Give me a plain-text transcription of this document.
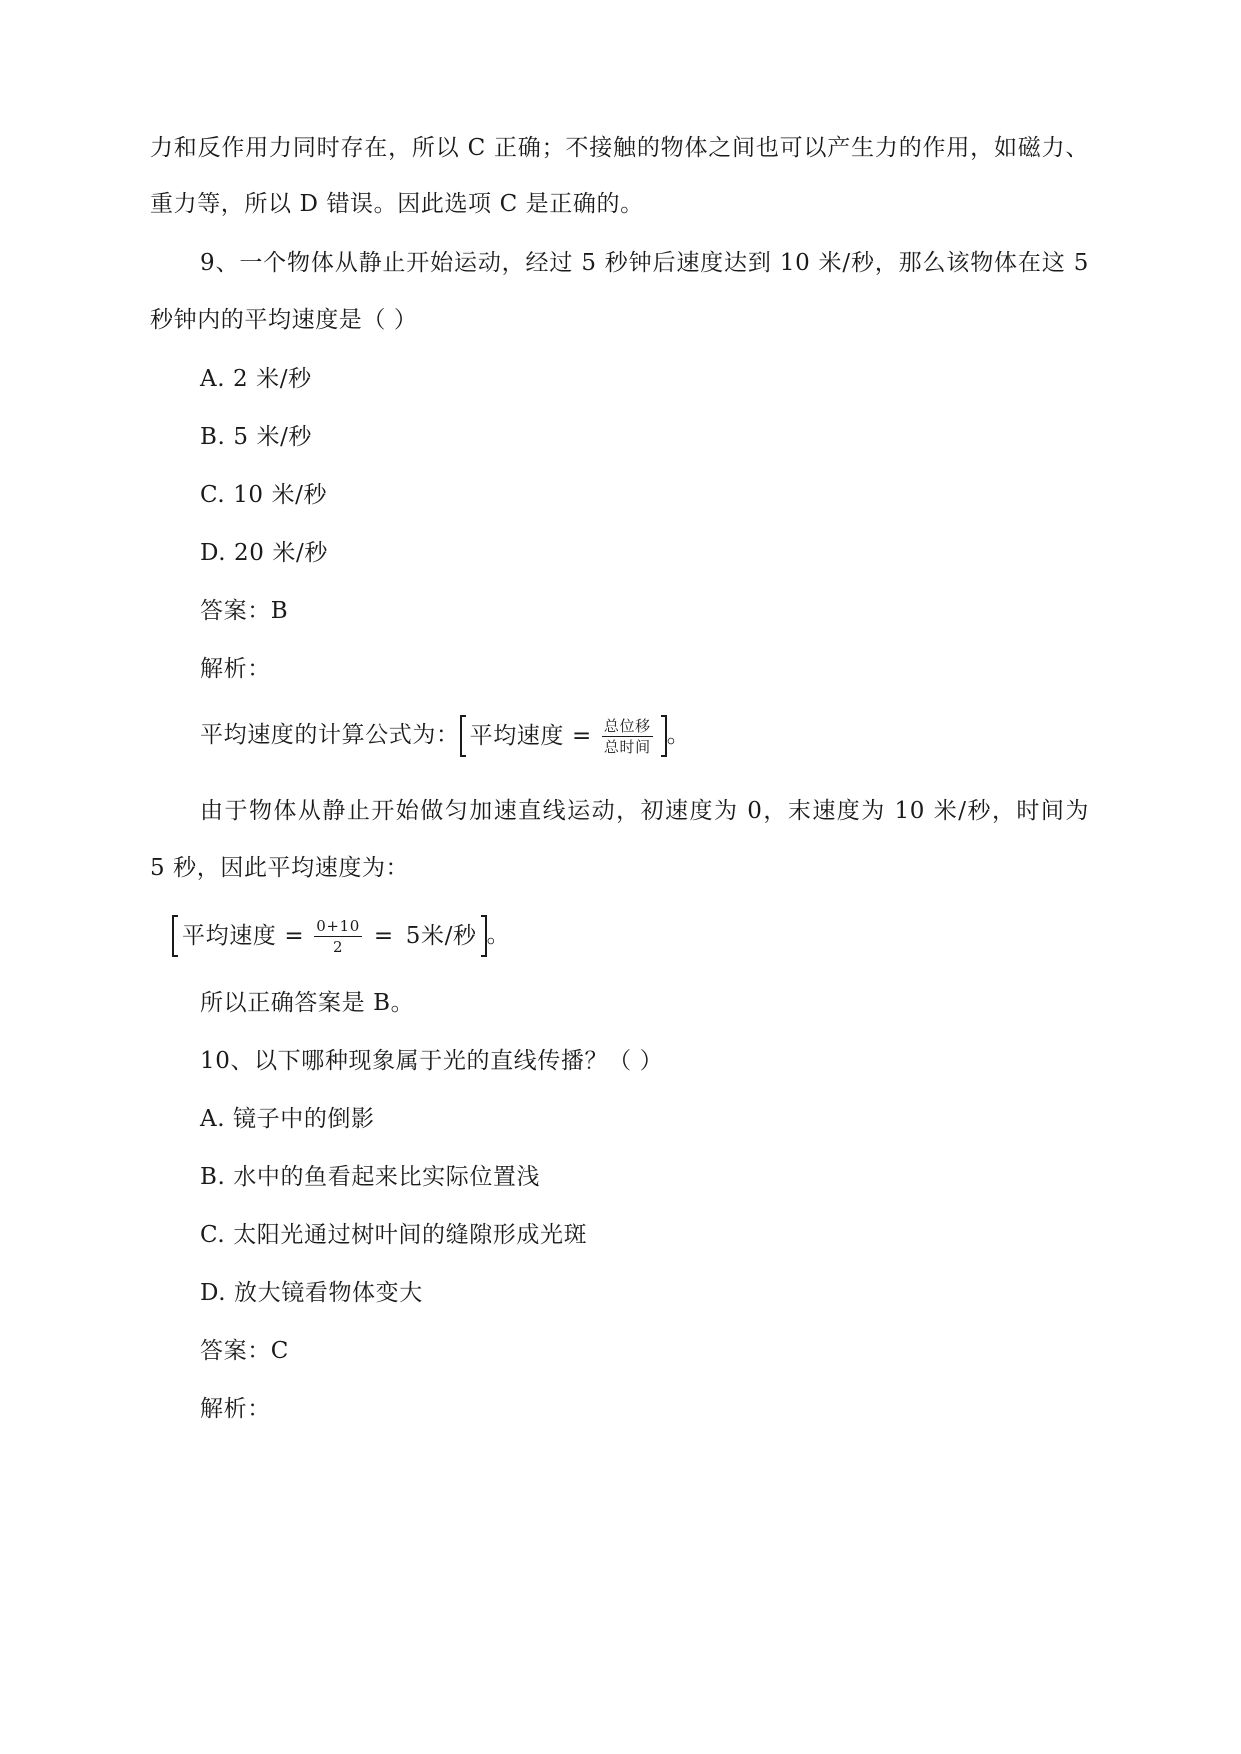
力和反作用力同时存在，所以 C 正确；不接触的物体之间也可以产生力的作用，如磁力、
重力等，所以 D 错误。因此选项 C 是正确的。
9、一个物体从静止开始运动，经过 5 秒钟后速度达到 10 米/秒，那么该物体在这 5
秒钟内的平均速度是（ ）
A. 2 米/秒
B. 5 米/秒
C. 10 米/秒
D. 20 米/秒
答案：B
解析：
平均速度的计算公式为： 平均速度 = $\frac{\text{总位移}}{\text{总时间}}$ 。
由于物体从静止开始做匀加速直线运动，初速度为 0，末速度为 10 米/秒，时间为
5 秒，因此平均速度为：
平均速度 = $\frac{0+10}{2} = 5$米/秒 。
所以正确答案是 B。
10、以下哪种现象属于光的直线传播？（ ）
A. 镜子中的倒影
B. 水中的鱼看起来比实际位置浅
C. 太阳光通过树叶间的缝隙形成光斑
D. 放大镜看物体变大
答案：C
解析：
